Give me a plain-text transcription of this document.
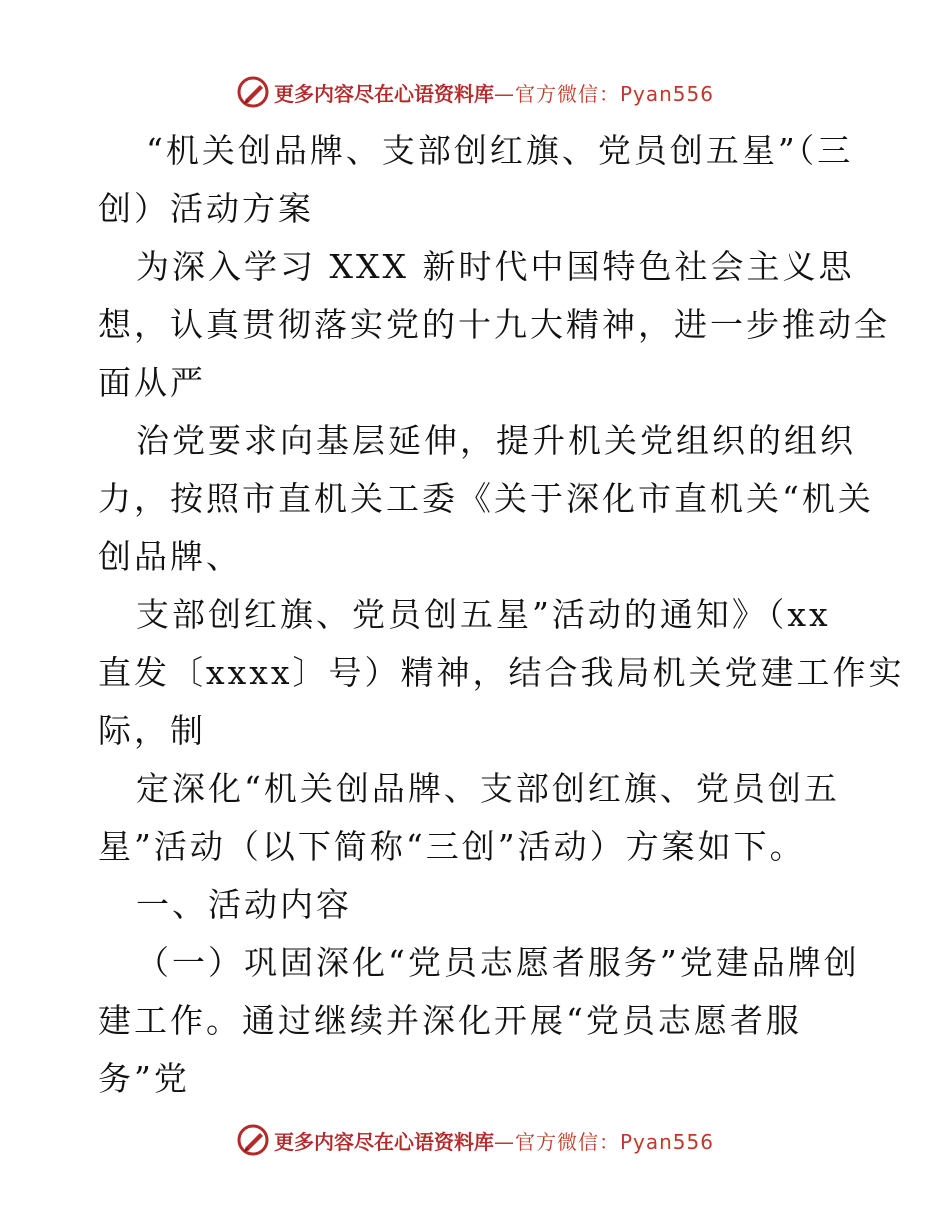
更多内容尽在心语资料库 —官方微信：Pyan556
“机关创品牌、支部创红旗、党员创五星”（三
创）活动方案
为深入学习 XXX 新时代中国特色社会主义思
想，认真贯彻落实党的十九大精神，进一步推动全
面从严
治党要求向基层延伸，提升机关党组织的组织
力，按照市直机关工委《关于深化市直机关“机关
创品牌、
支部创红旗、党员创五星”活动的通知》（xx
直发〔xxxx〕号）精神，结合我局机关党建工作实
际，制
定深化“机关创品牌、支部创红旗、党员创五
星”活动（以下简称“三创”活动）方案如下。
一、活动内容
（一）巩固深化“党员志愿者服务”党建品牌创
建工作。通过继续并深化开展“党员志愿者服
务”党
更多内容尽在心语资料库 —官方微信：Pyan556
